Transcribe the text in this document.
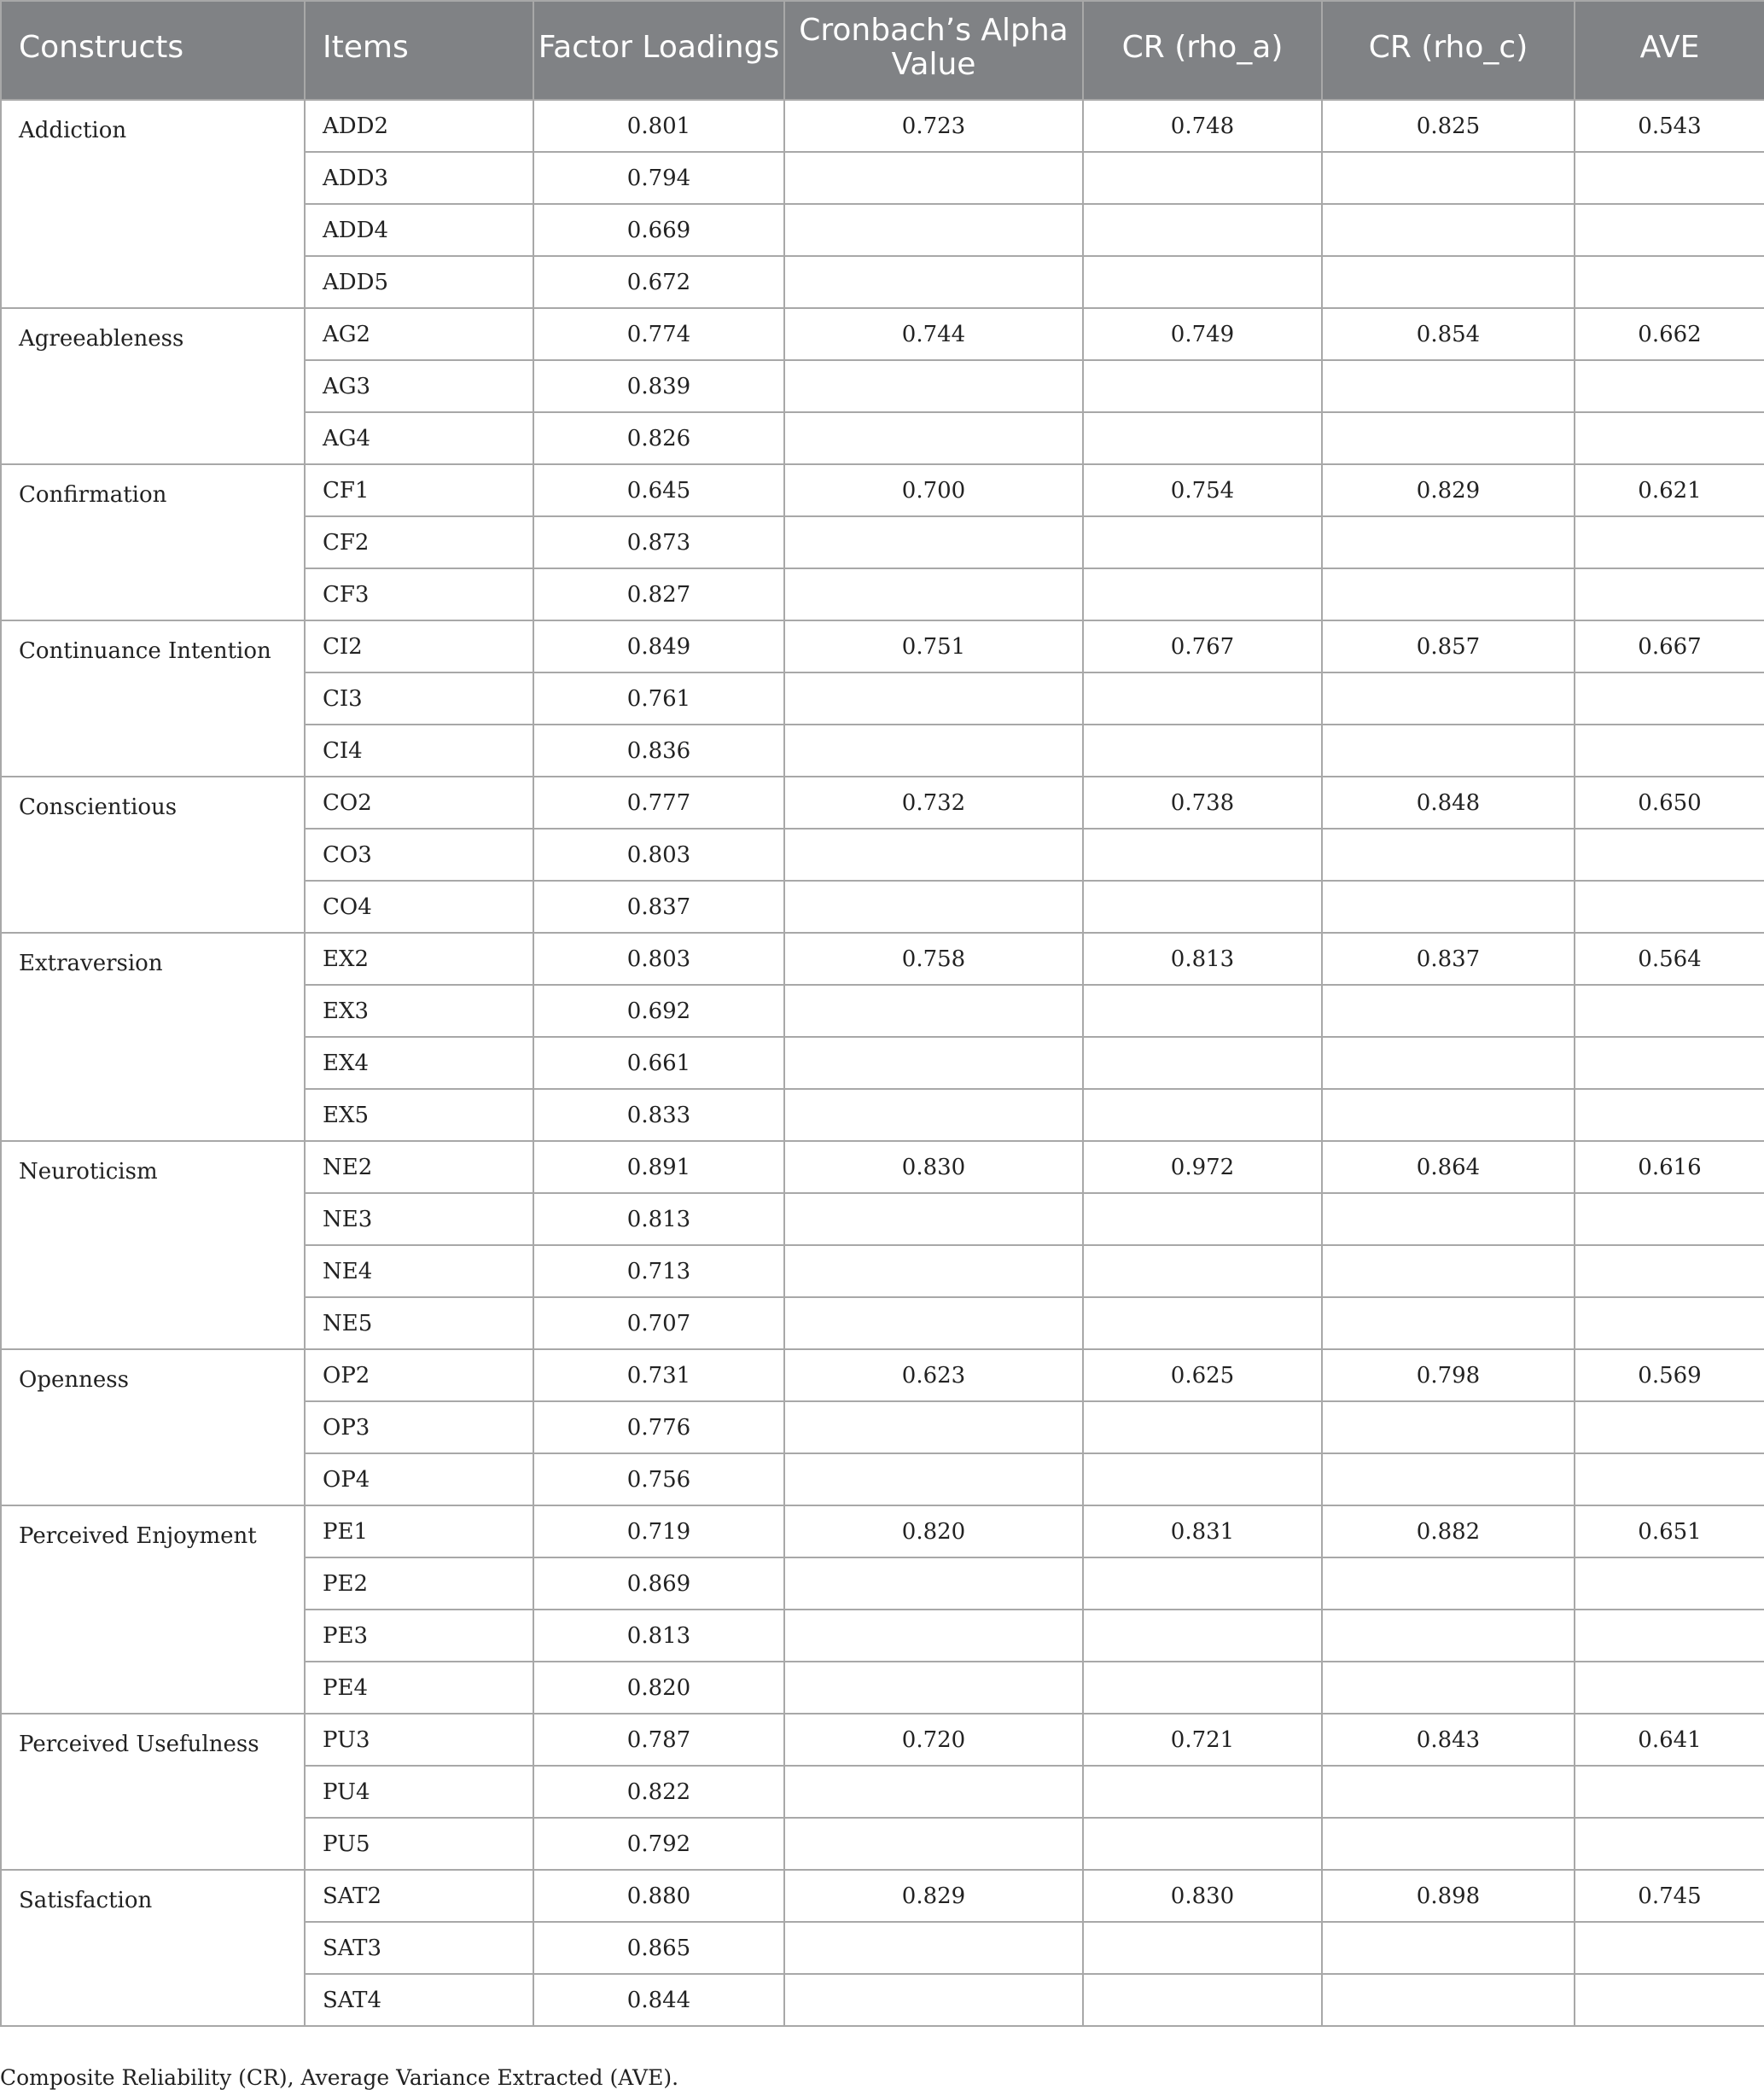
Constructs	Items	Factor Loadings	Cronbach’s Alpha Value	CR (rho_a)	CR (rho_c)	AVE
Addiction	ADD2	0.801	0.723	0.748	0.825	0.543
	ADD3	0.794				
	ADD4	0.669				
	ADD5	0.672				
Agreeableness	AG2	0.774	0.744	0.749	0.854	0.662
	AG3	0.839				
	AG4	0.826				
Confirmation	CF1	0.645	0.700	0.754	0.829	0.621
	CF2	0.873				
	CF3	0.827				
Continuance Intention	CI2	0.849	0.751	0.767	0.857	0.667
	CI3	0.761				
	CI4	0.836				
Conscientious	CO2	0.777	0.732	0.738	0.848	0.650
	CO3	0.803				
	CO4	0.837				
Extraversion	EX2	0.803	0.758	0.813	0.837	0.564
	EX3	0.692				
	EX4	0.661				
	EX5	0.833				
Neuroticism	NE2	0.891	0.830	0.972	0.864	0.616
	NE3	0.813				
	NE4	0.713				
	NE5	0.707				
Openness	OP2	0.731	0.623	0.625	0.798	0.569
	OP3	0.776				
	OP4	0.756				
Perceived Enjoyment	PE1	0.719	0.820	0.831	0.882	0.651
	PE2	0.869				
	PE3	0.813				
	PE4	0.820				
Perceived Usefulness	PU3	0.787	0.720	0.721	0.843	0.641
	PU4	0.822				
	PU5	0.792				
Satisfaction	SAT2	0.880	0.829	0.830	0.898	0.745
	SAT3	0.865				
	SAT4	0.844				
Composite Reliability (CR), Average Variance Extracted (AVE).
